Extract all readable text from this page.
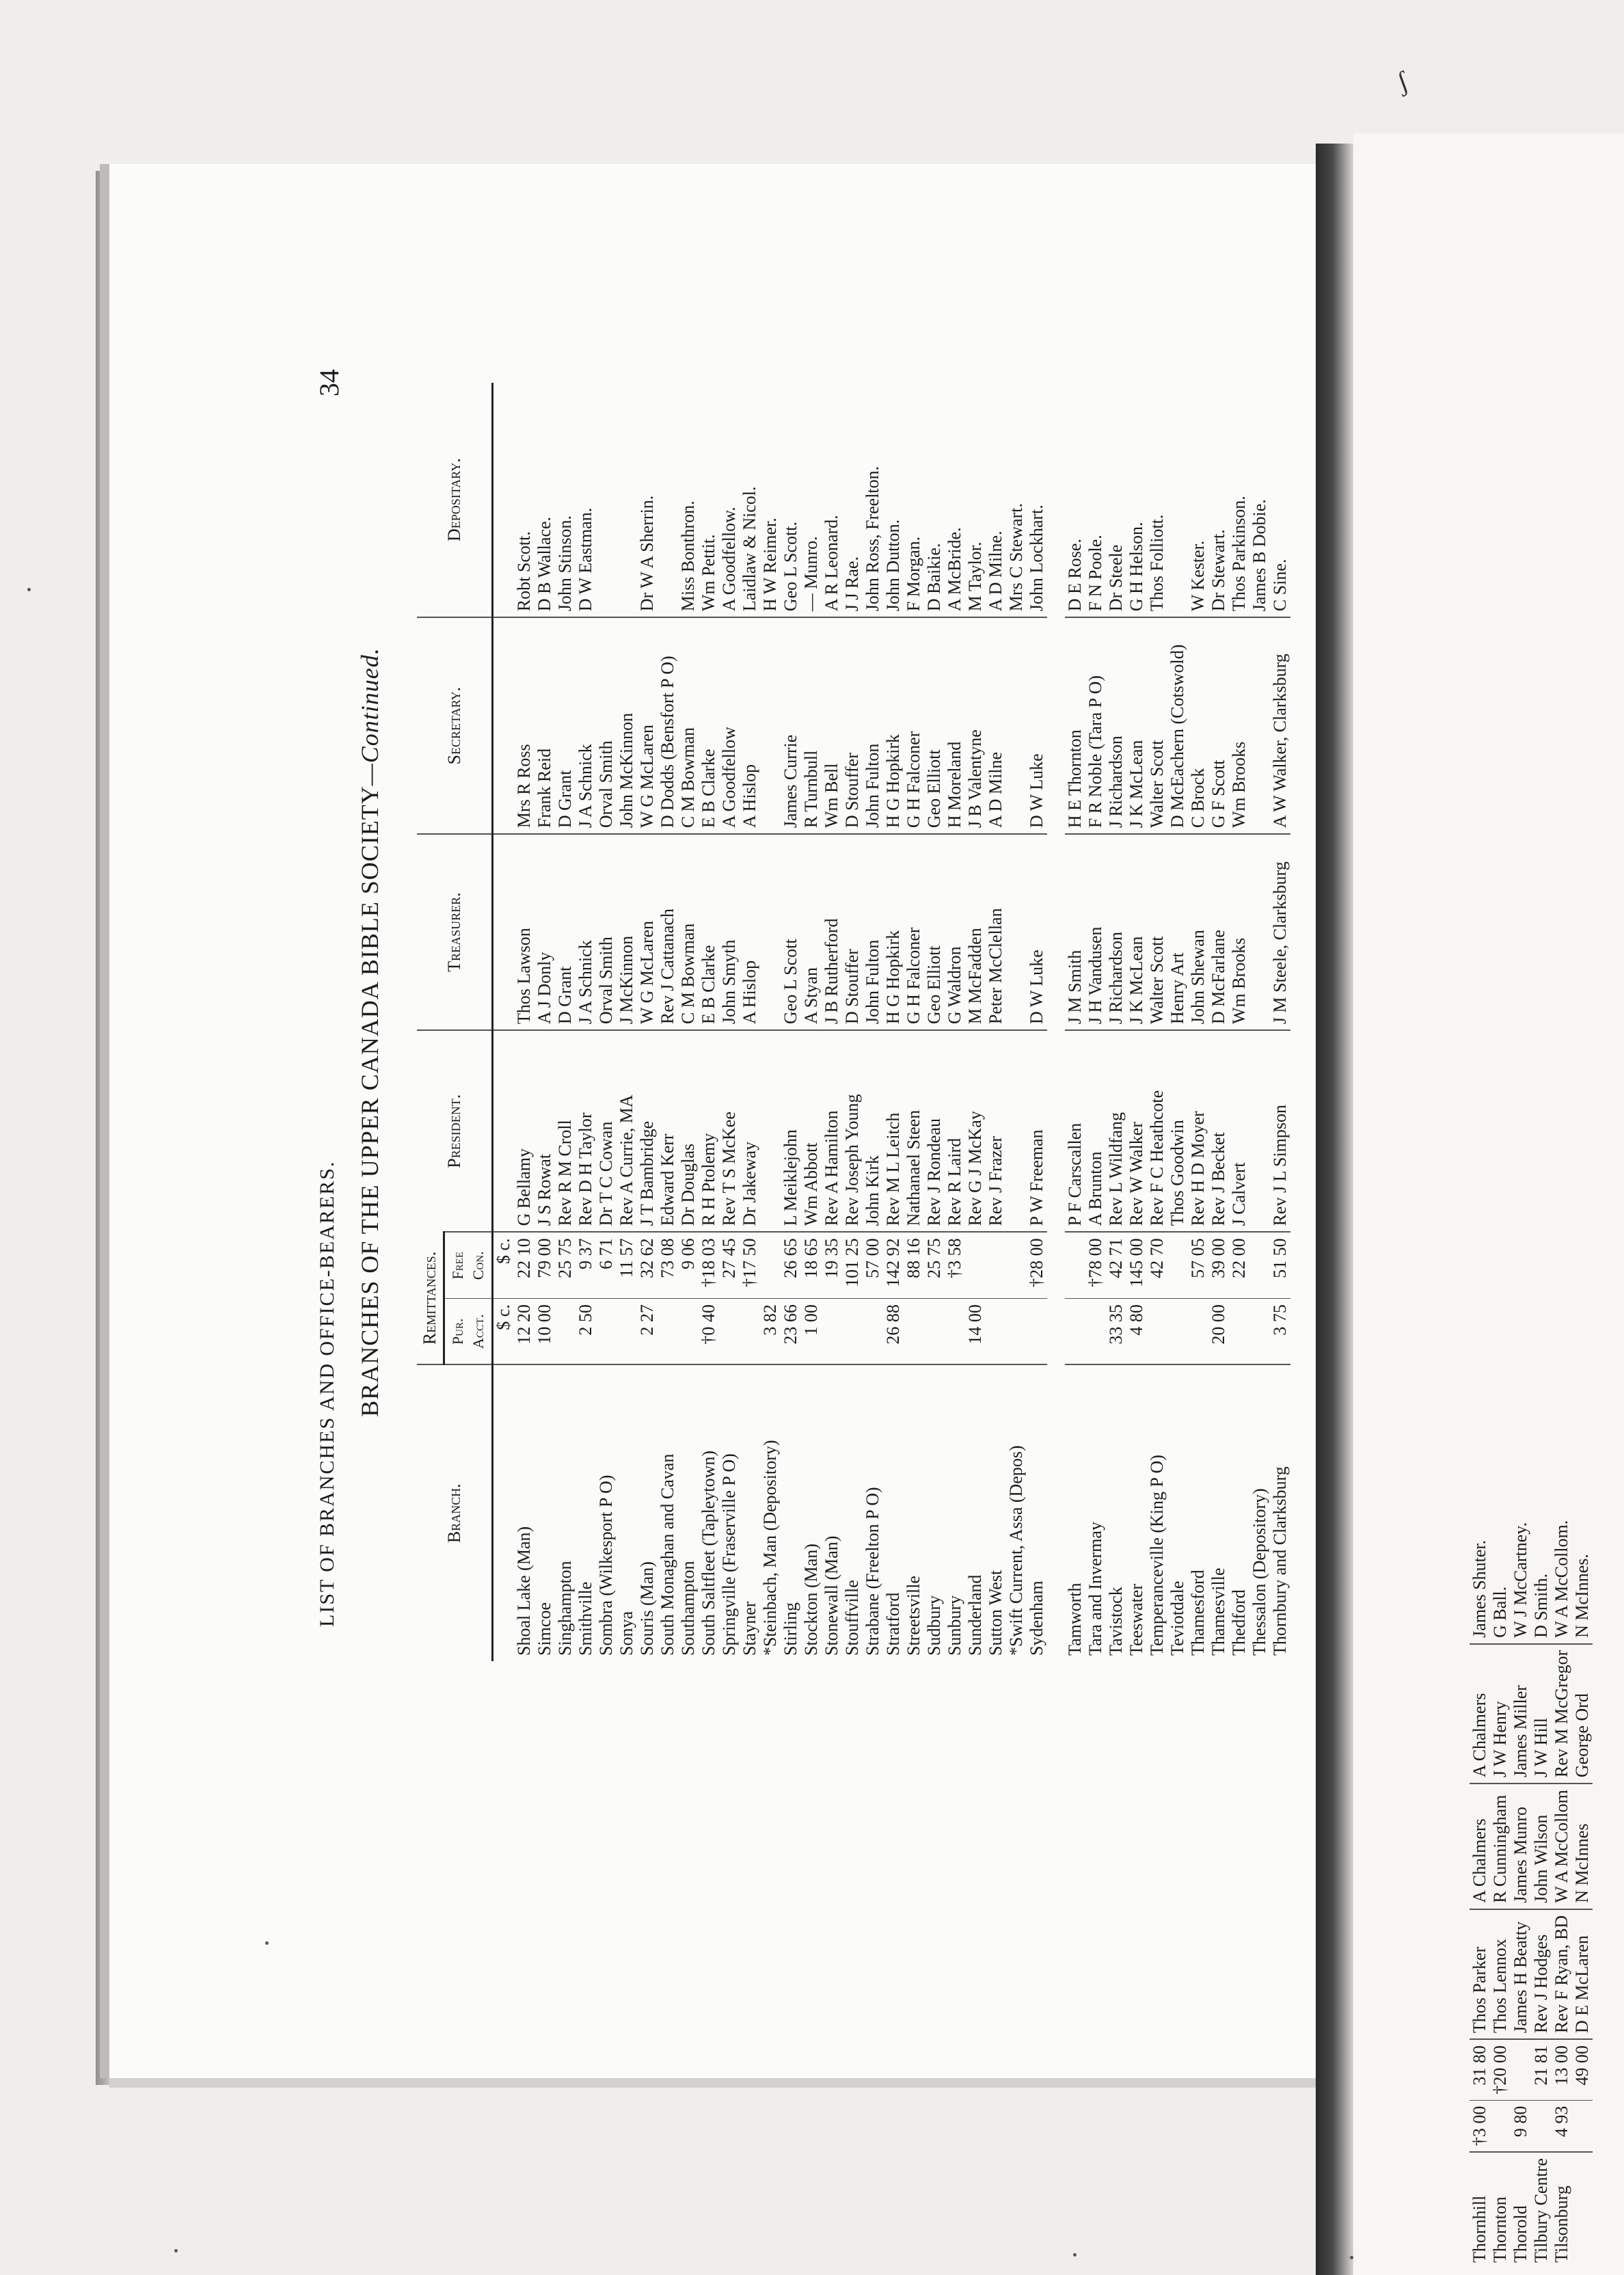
ʃ
34
LIST OF BRANCHES AND OFFICE-BEARERS. BRANCHES OF THE UPPER CANADA BIBLE SOCIETY—Continued.
Branch.	Remittances.		President.	Treasurer.	Secretary.	Depositary.
	Pur. Acct.	Free Con.				
	$ c.	$ c.				
Shoal Lake (Man)	12 20	22 10	G Bellamy	Thos Lawson	Mrs R Ross	Robt Scott.
Simcoe	10 00	79 00	J S Rowat	A J Donly	Frank Reid	D B Wallace.
Singhampton		25 75	Rev R M Croll	D Grant	D Grant	John Stinson.
Smithville	2 50	9 37	Rev D H Taylor	J A Schnick	J A Schnick	D W Eastman.
Sombra (Wilkesport P O)		6 71	Dr T C Cowan	Orval Smith	Orval Smith	
Sonya		11 57	Rev A Currie, MA	J McKinnon	John McKinnon	
Souris (Man)	2 27	32 62	J T Bambridge	W G McLaren	W G McLaren	Dr W A Sherrin.
South Monaghan and Cavan		73 08	Edward Kerr	Rev J Cattanach	D Dodds (Bensfort P O)	
Southampton		9 06	Dr Douglas	C M Bowman	C M Bowman	Miss Bonthron.
South Saltfleet (Tapleytown)	†0 40	†18 03	R H Ptolemy	E B Clarke	E B Clarke	Wm Pettit.
Springville (Fraserville P O)		27 45	Rev T S McKee	John Smyth	A Goodfellow	A Goodfellow.
Stayner		†17 50	Dr Jakeway	A Hislop	A Hislop	Laidlaw & Nicol.
*Steinbach, Man (Depository)	3 82					H W Reimer.
Stirling	23 66	26 65	L Meiklejohn	Geo L Scott	James Currie	Geo L Scott.
Stockton (Man)	1 00	18 65	Wm Abbott	A Styan	R Turnbull	— Munro.
Stonewall (Man)		19 35	Rev A Hamilton	J B Rutherford	Wm Bell	A R Leonard.
Stouffville		101 25	Rev Joseph Young	D Stouffer	D Stouffer	J J Rae.
Strabane (Freelton P O)		57 00	John Kirk	John Fulton	John Fulton	John Ross, Freelton.
Stratford	26 88	142 92	Rev M L Leitch	H G Hopkirk	H G Hopkirk	John Dutton.
Streetsville		88 16	Nathanael Steen	G H Falconer	G H Falconer	F Morgan.
Sudbury		25 75	Rev J Rondeau	Geo Elliott	Geo Elliott	D Baikie.
Sunbury		†3 58	Rev R Laird	G Waldron	H Moreland	A McBride.
Sunderland	14 00		Rev G J McKay	M McFadden	J B Valentyne	M Taylor.
Sutton West			Rev J Frazer	Peter McClellan	A D Milne	A D Milne.
*Swift Current, Assa (Depos)						Mrs C Stewart.
Sydenham		†28 00	P W Freeman	D W Luke	D W Luke	John Lockhart.

Tamworth			P F Carscallen	J M Smith	H E Thornton	D E Rose.
Tara and Invermay		†78 00	A Brunton	J H Vandusen	F R Noble (Tara P O)	F N Poole.
Tavistock	33 35	42 71	Rev L Wildfang	J Richardson	J Richardson	Dr Steele
Teeswater	4 80	145 00	Rev W Walker	J K McLean	J K McLean	G H Helson.
Temperanceville (King P O)		42 70	Rev F C Heathcote	Walter Scott	Walter Scott	Thos Folliott.
Teviotdale			Thos Goodwin	Henry Art	D McEachern (Cotswold)	
Thamesford		57 05	Rev H D Moyer	John Shewan	C Brock	W Kester.
Thamesville	20 00	39 00	Rev J Becket	D McFarlane	G F Scott	Dr Stewart.
Thedford		22 00	J Calvert	Wm Brooks	Wm Brooks	Thos Parkinson.
Thessalon (Depository)						James B Dobie.
Thornbury and Clarksburg	3 75	51 50	Rev J L Simpson	J M Steele, Clarksburg	A W Walker, Clarksburg	C Sine.
Thornhill	†3 00	31 80	Thos Parker	A Chalmers	A Chalmers	James Shuter.
Thornton		†20 00	Thos Lennox	R Cunningham	J W Henry	G Ball.
Thorold	9 80		James H Beatty	James Munro	James Miller	W J McCartney.
Tilbury Centre		21 81	Rev J Hodges	John Wilson	J W Hill	D Smith.
Tilsonburg	4 93	13 00	Rev F Ryan, BD	W A McCollom	Rev M McGregor	W A McCollom.
		49 00	D E McLaren	N McInnes	George Ord	N McInnes.
